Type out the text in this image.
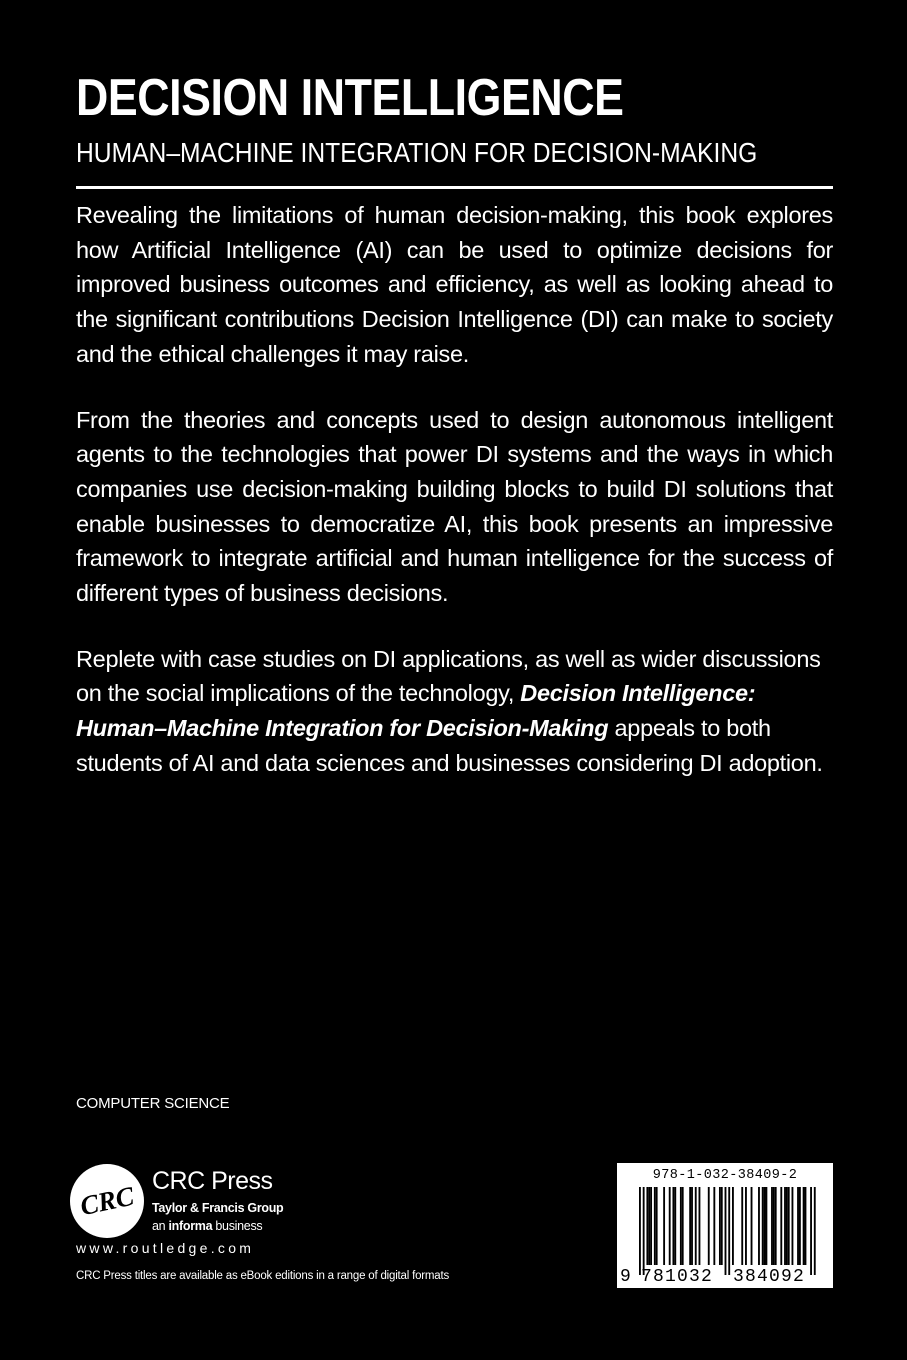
DECISION INTELLIGENCE
HUMAN–MACHINE INTEGRATION FOR DECISION-MAKING

Revealing the limitations of human decision-making, this book explores how Artificial Intelligence (AI) can be used to optimize decisions for improved business outcomes and efficiency, as well as looking ahead to the significant contributions Decision Intelligence (DI) can make to society and the ethical challenges it may raise.

From the theories and concepts used to design autonomous intelligent agents to the technologies that power DI systems and the ways in which companies use decision-making building blocks to build DI solutions that enable businesses to democratize AI, this book presents an impressive framework to integrate artificial and human intelligence for the success of different types of business decisions.

Replete with case studies on DI applications, as well as wider discussions on the social implications of the technology, Decision Intelligence: Human–Machine Integration for Decision-Making appeals to both students of AI and data sciences and businesses considering DI adoption.

COMPUTER SCIENCE
CRC CRC Press
Taylor & Francis Group
an informa business
www.routledge.com
CRC Press titles are available as eBook editions in a range of digital formats
978-1-032-38409-2
9 781032 384092
